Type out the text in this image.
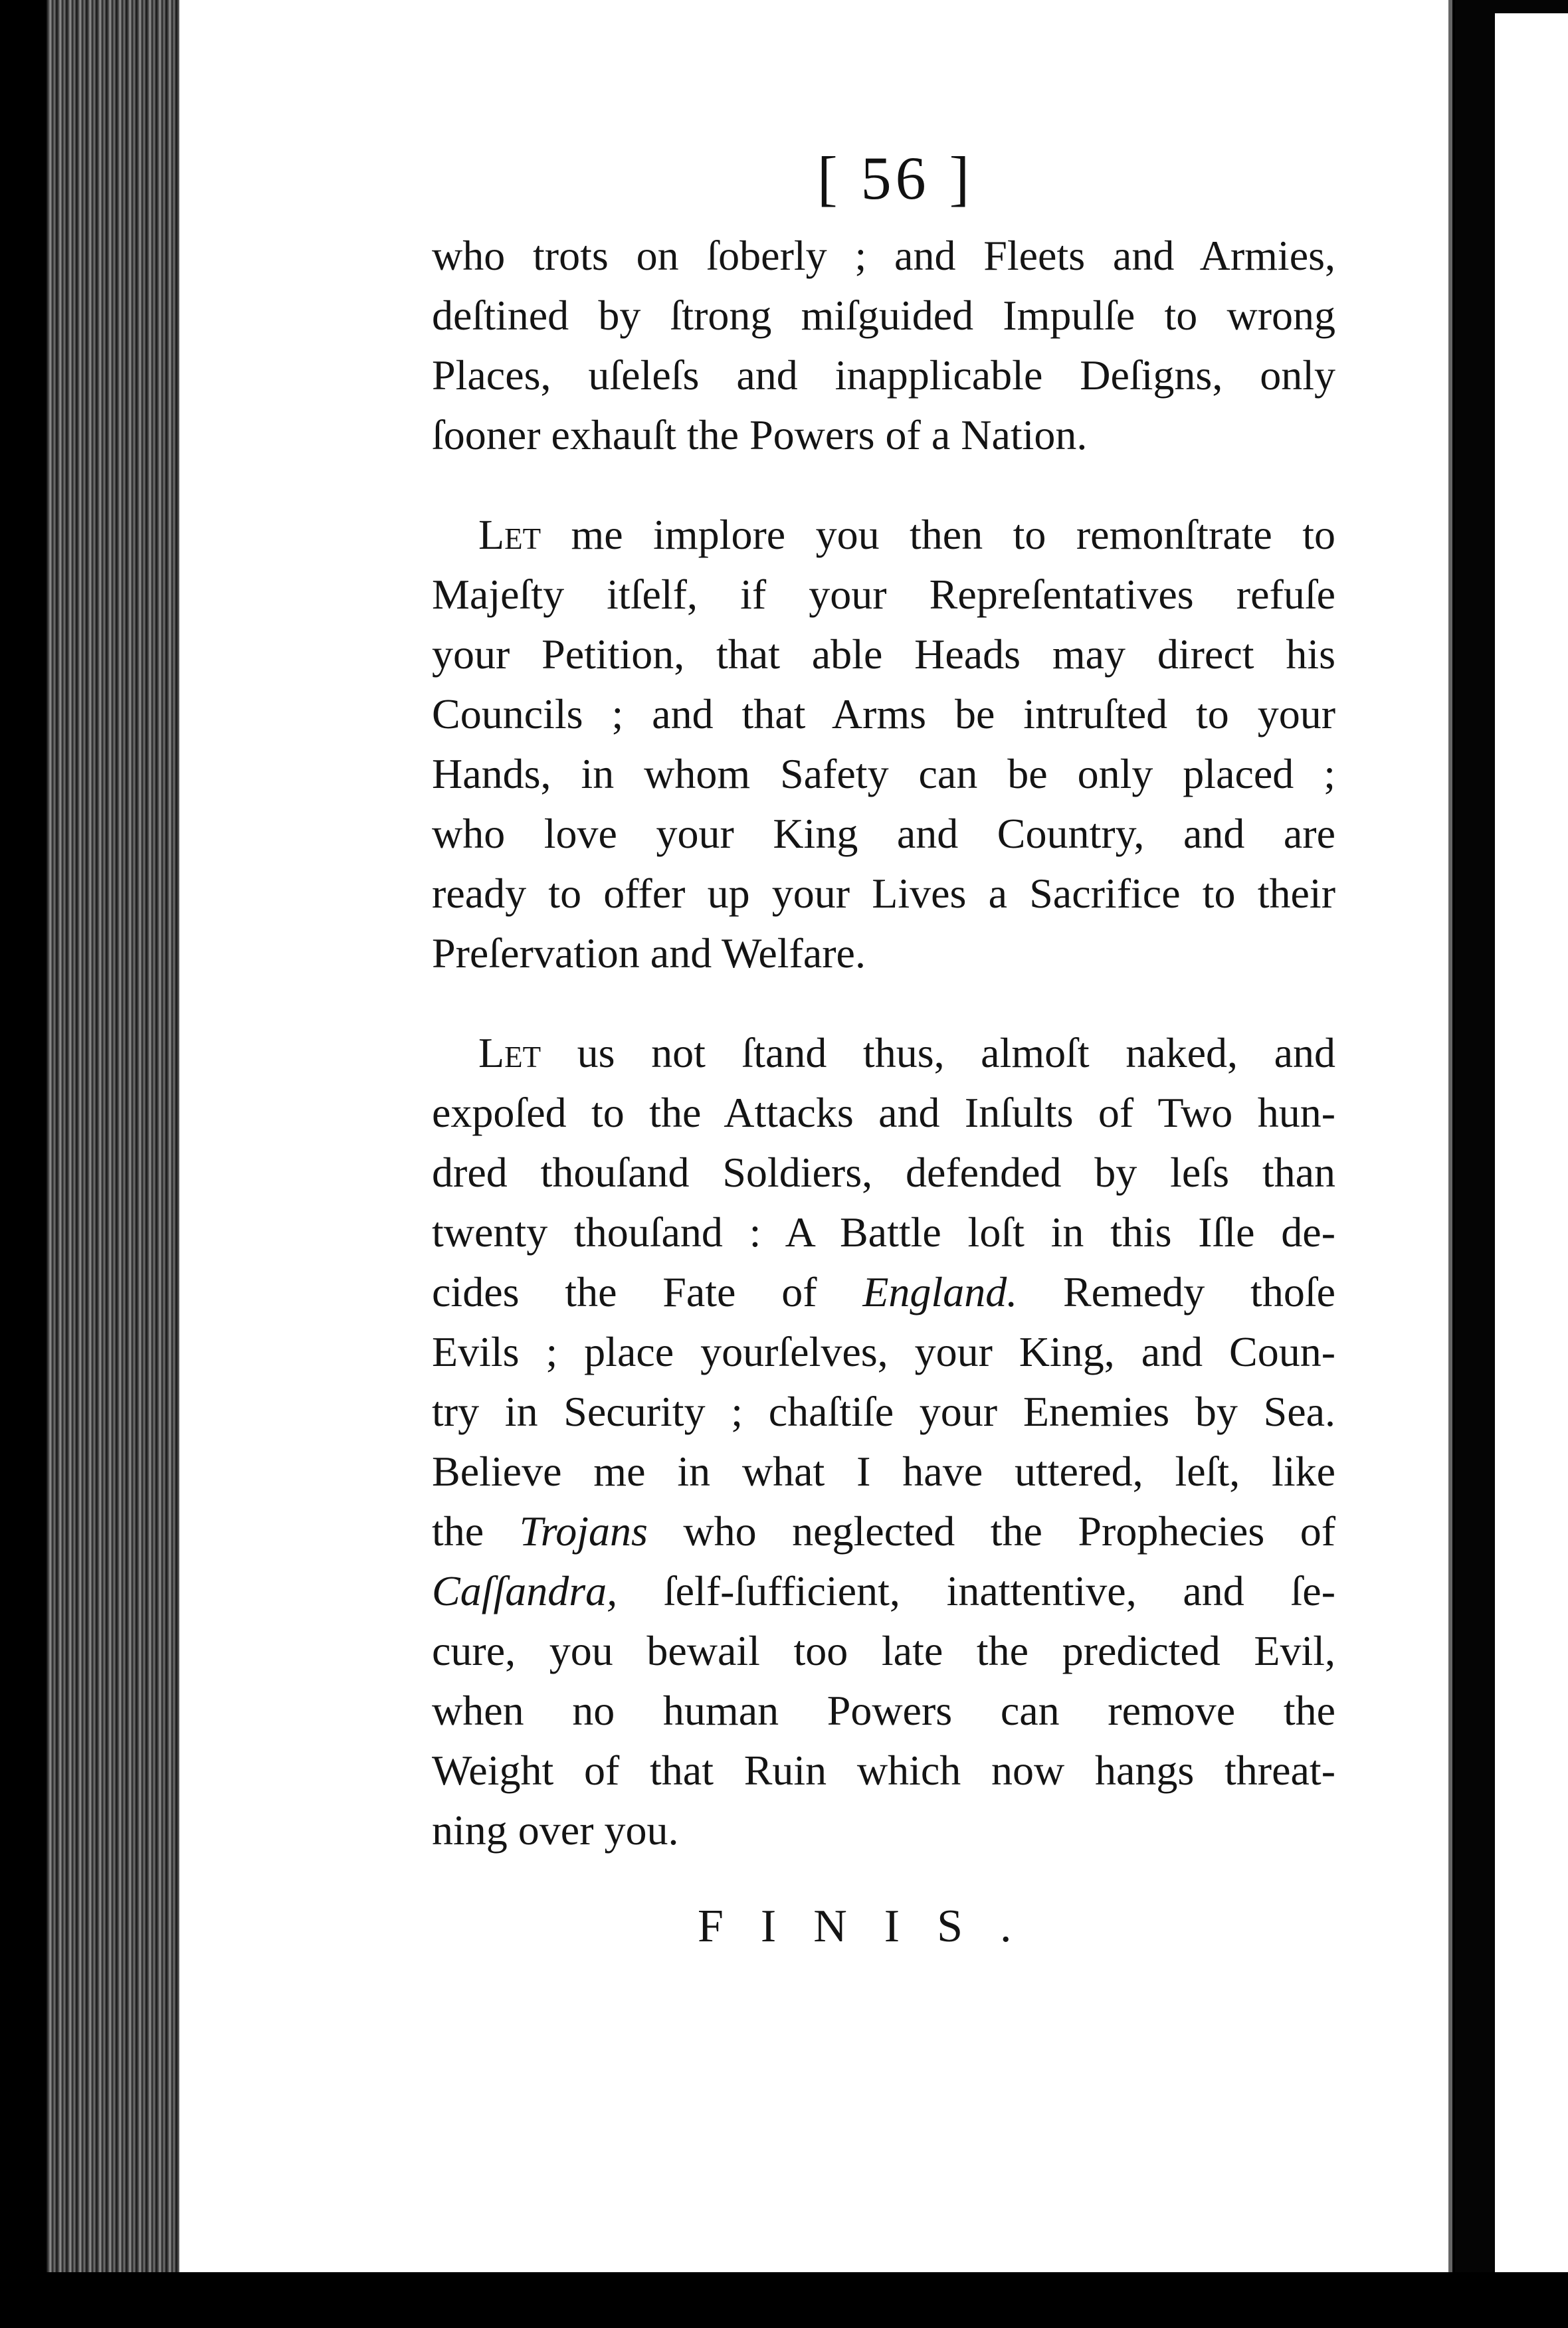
[ 56 ]
who trots on ſoberly ; and Fleets and Armies,
deſtined by ſtrong miſguided Impulſe to wrong
Places, uſeleſs and inapplicable Deſigns, only
ſooner exhauſt the Powers of a Nation.
Let me implore you then to remonſtrate to
Majeſty itſelf, if your Repreſentatives refuſe
your Petition, that able Heads may direct his
Councils ; and that Arms be intruſted to your
Hands, in whom Safety can be only placed ;
who love your King and Country, and are
ready to offer up your Lives a Sacrifice to their
Preſervation and Welfare.
Let us not ſtand thus, almoſt naked, and
expoſed to the Attacks and Inſults of Two hun-
dred thouſand Soldiers, defended by leſs than
twenty thouſand : A Battle loſt in this Iſle de-
cides the Fate of England. Remedy thoſe
Evils ; place yourſelves, your King, and Coun-
try in Security ; chaſtiſe your Enemies by Sea.
Believe me in what I have uttered, leſt, like
the Trojans who neglected the Prophecies of
Caſſandra, ſelf-ſufficient, inattentive, and ſe-
cure, you bewail too late the predicted Evil,
when no human Powers can remove the
Weight of that Ruin which now hangs threat-
ning over you.
FINIS.
